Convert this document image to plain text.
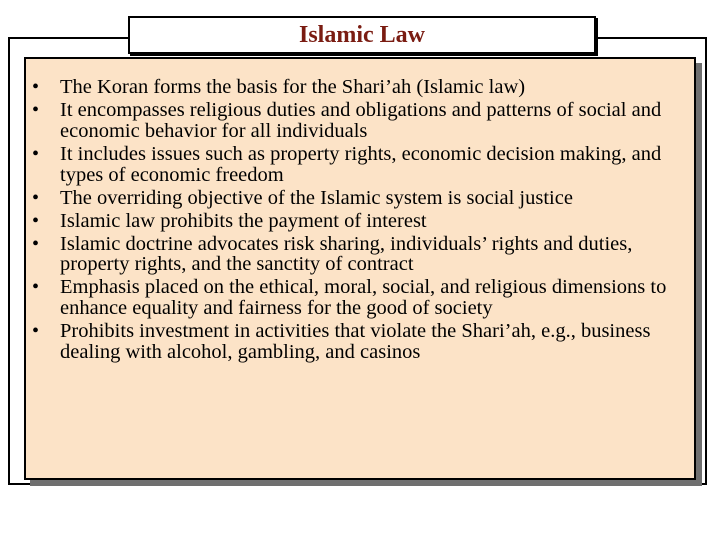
•	The Koran forms the basis for the Shari’ah (Islamic law)
•	It encompasses religious duties and obligations and patterns of social and economic behavior for all individuals
•	It includes issues such as property rights, economic decision making, and types of economic freedom
•	The overriding objective of the Islamic system is social justice
•	Islamic law prohibits the payment of interest
•	Islamic doctrine advocates risk sharing, individuals’ rights and duties, property rights, and the sanctity of contract
•	Emphasis placed on the ethical, moral, social, and religious dimensions to enhance equality and fairness for the good of society
•	Prohibits investment in activities that violate the Shari’ah, e.g., business dealing with alcohol, gambling, and casinos
Islamic Law
